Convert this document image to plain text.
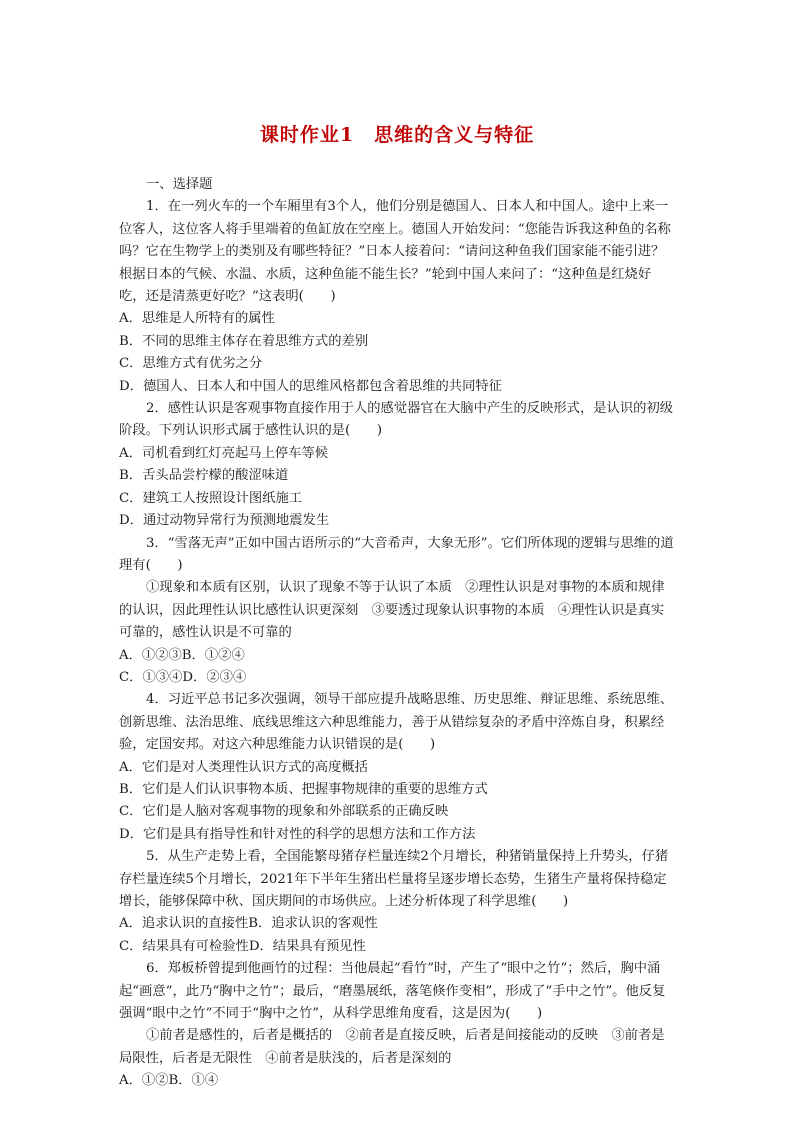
课时作业1　思维的含义与特征

一、选择题

1．在一列火车的一个车厢里有3个人，他们分别是德国人、日本人和中国人。途中上来一位客人，这位客人将手里端着的鱼缸放在空座上。德国人开始发问：“您能告诉我这种鱼的名称吗？它在生物学上的类别及有哪些特征？”日本人接着问：“请问这种鱼我们国家能不能引进？根据日本的气候、水温、水质，这种鱼能不能生长？”轮到中国人来问了：“这种鱼是红烧好吃，还是清蒸更好吃？”这表明(　　)

A．思维是人所特有的属性

B．不同的思维主体存在着思维方式的差别

C．思维方式有优劣之分

D．德国人、日本人和中国人的思维风格都包含着思维的共同特征

2．感性认识是客观事物直接作用于人的感觉器官在大脑中产生的反映形式，是认识的初级阶段。下列认识形式属于感性认识的是(　　)

A．司机看到红灯亮起马上停车等候

B．舌头品尝柠檬的酸涩味道

C．建筑工人按照设计图纸施工

D．通过动物异常行为预测地震发生

3．“雪落无声”正如中国古语所示的“大音希声，大象无形”。它们所体现的逻辑与思维的道理有(　　)

①现象和本质有区别，认识了现象不等于认识了本质　②理性认识是对事物的本质和规律的认识，因此理性认识比感性认识更深刻　③要透过现象认识事物的本质　④理性认识是真实可靠的，感性认识是不可靠的

A．①②③B．①②④

C．①③④D．②③④

4．习近平总书记多次强调，领导干部应提升战略思维、历史思维、辩证思维、系统思维、创新思维、法治思维、底线思维这六种思维能力，善于从错综复杂的矛盾中淬炼自身，积累经验，定国安邦。对这六种思维能力认识错误的是(　　)

A．它们是对人类理性认识方式的高度概括

B．它们是人们认识事物本质、把握事物规律的重要的思维方式

C．它们是人脑对客观事物的现象和外部联系的正确反映

D．它们是具有指导性和针对性的科学的思想方法和工作方法

5．从生产走势上看，全国能繁母猪存栏量连续2个月增长，种猪销量保持上升势头，仔猪存栏量连续5个月增长，2021年下半年生猪出栏量将呈逐步增长态势，生猪生产量将保持稳定增长，能够保障中秋、国庆期间的市场供应。上述分析体现了科学思维(　　)

A．追求认识的直接性B．追求认识的客观性

C．结果具有可检验性D．结果具有预见性

6．郑板桥曾提到他画竹的过程：当他晨起“看竹”时，产生了“眼中之竹”；然后，胸中涌起“画意”，此乃“胸中之竹”；最后，“磨墨展纸，落笔倏作变相”，形成了“手中之竹”。他反复强调“眼中之竹”不同于“胸中之竹”，从科学思维角度看，这是因为(　　)

①前者是感性的，后者是概括的　②前者是直接反映，后者是间接能动的反映　③前者是局限性，后者是无限性　④前者是肤浅的，后者是深刻的

A．①②B．①④
